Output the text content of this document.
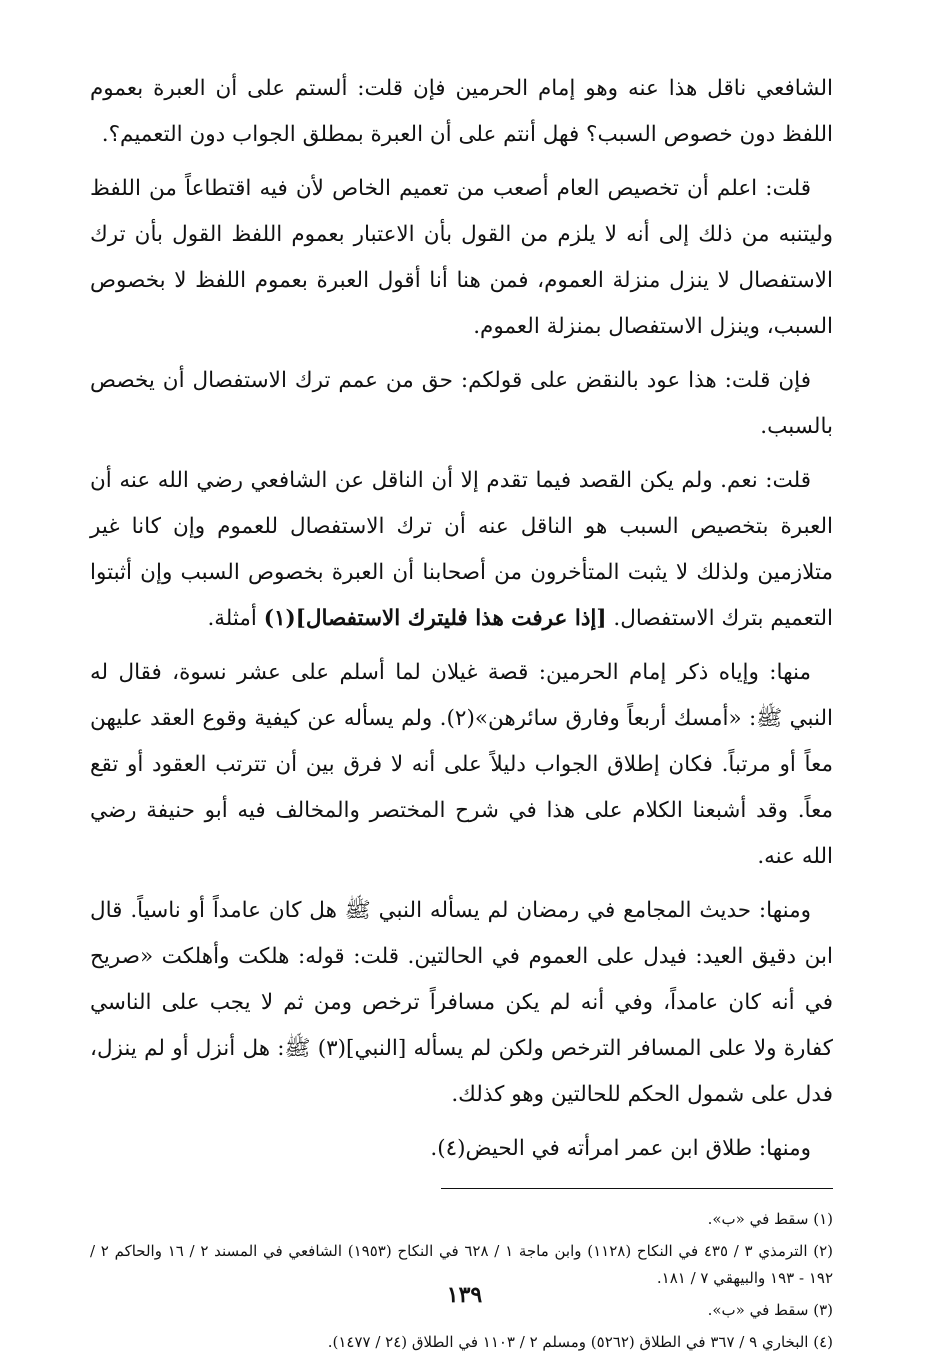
الشافعي ناقل هذا عنه وهو إمام الحرمين فإن قلت: ألستم على أن العبرة بعموم اللفظ دون خصوص السبب؟ فهل أنتم على أن العبرة بمطلق الجواب دون التعميم؟.

قلت: اعلم أن تخصيص العام أصعب من تعميم الخاص لأن فيه اقتطاعاً من اللفظ وليتنبه من ذلك إلى أنه لا يلزم من القول بأن الاعتبار بعموم اللفظ القول بأن ترك الاستفصال لا ينزل منزلة العموم، فمن هنا أنا أقول العبرة بعموم اللفظ لا بخصوص السبب، وينزل الاستفصال بمنزلة العموم.

فإن قلت: هذا عود بالنقض على قولكم: حق من عمم ترك الاستفصال أن يخصص بالسبب.

قلت: نعم. ولم يكن القصد فيما تقدم إلا أن الناقل عن الشافعي رضي الله عنه أن العبرة بتخصيص السبب هو الناقل عنه أن ترك الاستفصال للعموم وإن كانا غير متلازمين ولذلك لا يثبت المتأخرون من أصحابنا أن العبرة بخصوص السبب وإن أثبتوا التعميم بترك الاستفصال. [إذا عرفت هذا فليترك الاستفصال](١) أمثلة.

منها: وإياه ذكر إمام الحرمين: قصة غيلان لما أسلم على عشر نسوة، فقال له النبي ﷺ: «أمسك أربعاً وفارق سائرهن»(٢). ولم يسأله عن كيفية وقوع العقد عليهن معاً أو مرتباً. فكان إطلاق الجواب دليلاً على أنه لا فرق بين أن تترتب العقود أو تقع معاً. وقد أشبعنا الكلام على هذا في شرح المختصر والمخالف فيه أبو حنيفة رضي الله عنه.

ومنها: حديث المجامع في رمضان لم يسأله النبي ﷺ هل كان عامداً أو ناسياً. قال ابن دقيق العيد: فيدل على العموم في الحالتين. قلت: قوله: هلكت وأهلكت «صريح في أنه كان عامداً، وفي أنه لم يكن مسافراً ترخص ومن ثم لا يجب على الناسي كفارة ولا على المسافر الترخص ولكن لم يسأله [النبي](٣) ﷺ: هل أنزل أو لم ينزل، فدل على شمول الحكم للحالتين وهو كذلك.

ومنها: طلاق ابن عمر امرأته في الحيض(٤).

(١) سقط في «ب».

(٢) الترمذي ٣ / ٤٣٥ في النكاح (١١٢٨) وابن ماجة ١ / ٦٢٨ في النكاح (١٩٥٣) الشافعي في المسند ٢ / ١٦ والحاكم ٢ / ١٩٢ - ١٩٣ والبيهقي ٧ / ١٨١.

(٣) سقط في «ب».

(٤) البخاري ٩ / ٣٦٧ في الطلاق (٥٢٦٢) ومسلم ٢ / ١١٠٣ في الطلاق (٢٤ / ١٤٧٧).

١٣٩
